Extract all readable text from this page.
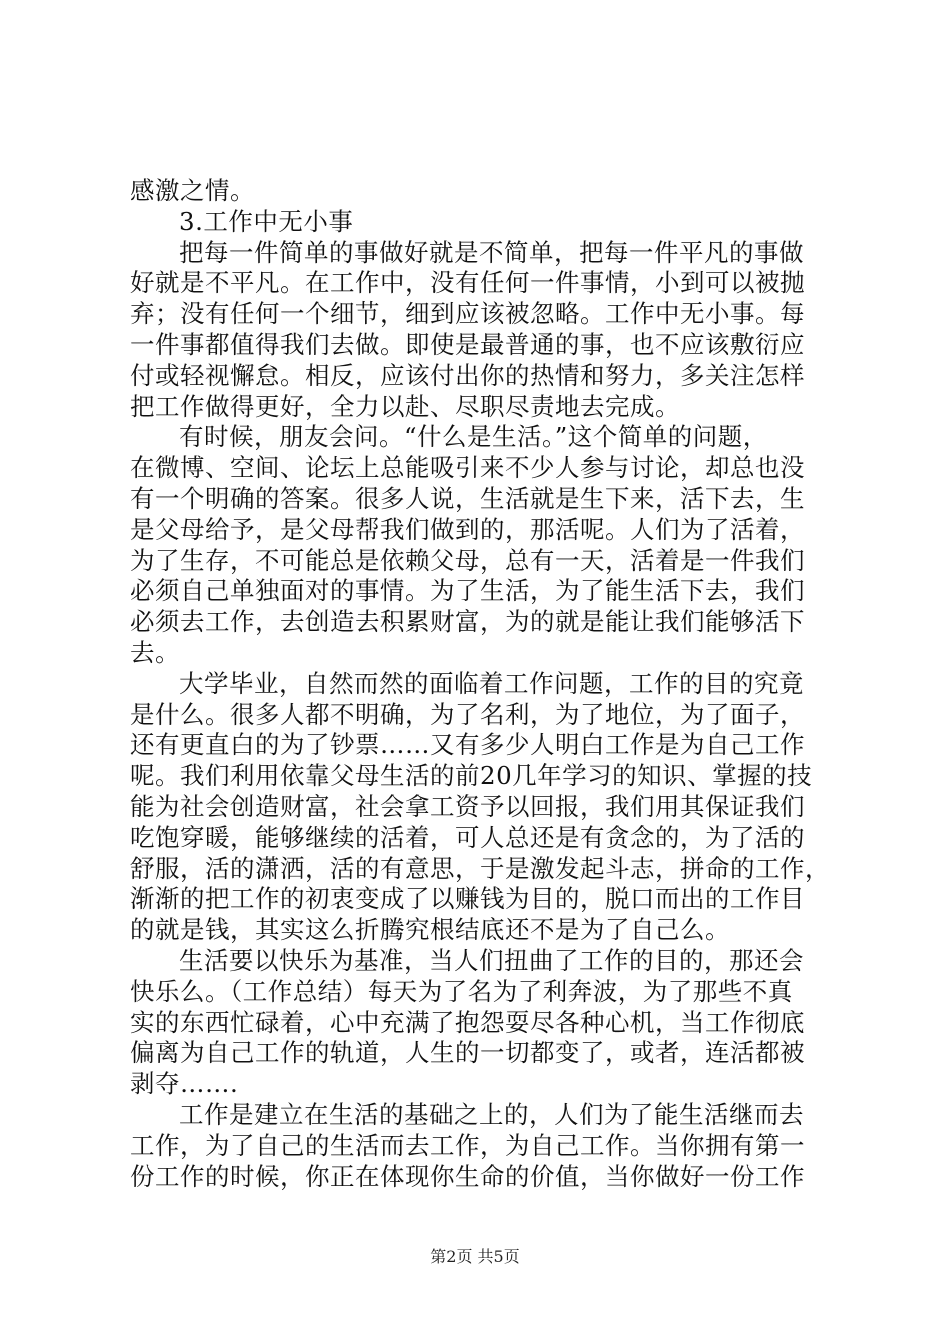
感激之情。
3.工作中无小事
把每一件简单的事做好就是不简单，把每一件平凡的事做
好就是不平凡。在工作中，没有任何一件事情，小到可以被抛
弃；没有任何一个细节，细到应该被忽略。工作中无小事。每
一件事都值得我们去做。即使是最普通的事，也不应该敷衍应
付或轻视懈怠。相反，应该付出你的热情和努力，多关注怎样
把工作做得更好，全力以赴、尽职尽责地去完成。
有时候，朋友会问。“什么是生活。”这个简单的问题，
在微博、空间、论坛上总能吸引来不少人参与讨论，却总也没
有一个明确的答案。很多人说，生活就是生下来，活下去，生
是父母给予，是父母帮我们做到的，那活呢。人们为了活着，
为了生存，不可能总是依赖父母，总有一天，活着是一件我们
必须自己单独面对的事情。为了生活，为了能生活下去，我们
必须去工作，去创造去积累财富，为的就是能让我们能够活下
去。
大学毕业，自然而然的面临着工作问题，工作的目的究竟
是什么。很多人都不明确，为了名利，为了地位，为了面子，
还有更直白的为了钞票……又有多少人明白工作是为自己工作
呢。我们利用依靠父母生活的前20几年学习的知识、掌握的技
能为社会创造财富，社会拿工资予以回报，我们用其保证我们
吃饱穿暖，能够继续的活着，可人总还是有贪念的，为了活的
舒服，活的潇洒，活的有意思，于是激发起斗志，拼命的工作，
渐渐的把工作的初衷变成了以赚钱为目的，脱口而出的工作目
的就是钱，其实这么折腾究根结底还不是为了自己么。
生活要以快乐为基准，当人们扭曲了工作的目的，那还会
快乐么。（工作总结）每天为了名为了利奔波，为了那些不真
实的东西忙碌着，心中充满了抱怨耍尽各种心机，当工作彻底
偏离为自己工作的轨道，人生的一切都变了，或者，连活都被
剥夺…….
工作是建立在生活的基础之上的，人们为了能生活继而去
工作，为了自己的生活而去工作，为自己工作。当你拥有第一
份工作的时候，你正在体现你生命的价值，当你做好一份工作
第2页 共5页
